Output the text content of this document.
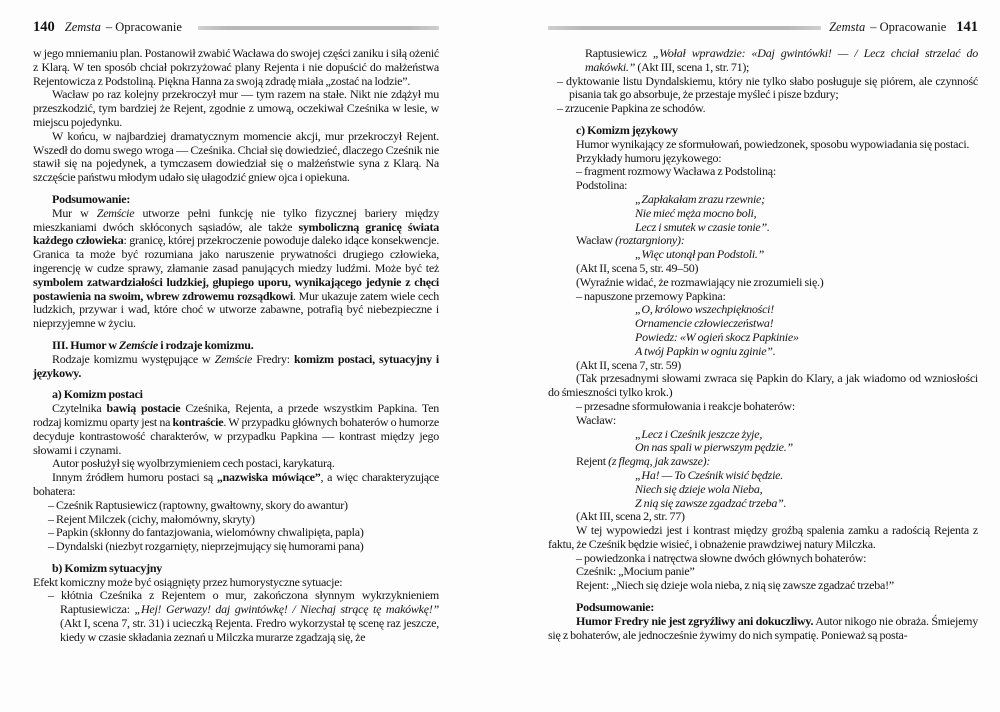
140 Zemsta – Opracowanie
w jego mniemaniu plan. Postanowił zwabić Wacława do swojej części zaniku i siłą ożenić z Klarą. W ten sposób chciał pokrzyżować plany Rejenta i nie dopuścić do małżeństwa Rejentowicza z Podstoliną. Piękna Hanna za swoją zdradę miała „zostać na lodzie”.
Wacław po raz kolejny przekroczył mur — tym razem na stałe. Nikt nie zdążył mu przeszkodzić, tym bardziej że Rejent, zgodnie z umową, oczekiwał Cześnika w lesie, w miejscu pojedynku.
W końcu, w najbardziej dramatycznym momencie akcji, mur przekroczył Rejent. Wszedł do domu swego wroga — Cześnika. Chciał się dowiedzieć, dlaczego Cześnik nie stawił się na pojedynek, a tymczasem dowiedział się o małżeństwie syna z Klarą. Na szczęście państwu młodym udało się ułagodzić gniew ojca i opiekuna.
Podsumowanie:
Mur w Zemście utworze pełni funkcję nie tylko fizycznej bariery między mieszkaniami dwóch skłóconych sąsiadów, ale także symboliczną granicę świata każdego człowieka: granicę, której przekroczenie powoduje daleko idące konsekwencje. Granica ta może być rozumiana jako naruszenie prywatności drugiego człowieka, ingerencję w cudze sprawy, złamanie zasad panujących miedzy ludźmi. Może być też symbolem zatwardziałości ludzkiej, głupiego uporu, wynikającego jedynie z chęci postawienia na swoim, wbrew zdrowemu rozsądkowi. Mur ukazuje zatem wiele cech ludzkich, przywar i wad, które choć w utworze zabawne, potrafią być niebezpieczne i nieprzyjemne w życiu.
III. Humor w Zemście i rodzaje komizmu.
Rodzaje komizmu występujące w Zemście Fredry: komizm postaci, sytuacyjny i językowy.
a) Komizm postaci
Czytelnika bawią postacie Cześnika, Rejenta, a przede wszystkim Papkina. Ten rodzaj komizmu oparty jest na kontraście. W przypadku głównych bohaterów o humorze decyduje kontrastowość charakterów, w przypadku Papkina — kontrast między jego słowami i czynami.
Autor posłużył się wyolbrzymieniem cech postaci, karykaturą.
Innym źródłem humoru postaci są „nazwiska mówiące”, a więc charakteryzujące bohatera:
– Cześnik Raptusiewicz (raptowny, gwałtowny, skory do awantur)
– Rejent Milczek (cichy, małomówny, skryty)
– Papkin (skłonny do fantazjowania, wielomówny chwalipięta, papla)
– Dyndalski (niezbyt rozgarnięty, nieprzejmujący się humorami pana)
b) Komizm sytuacyjny
Efekt komiczny może być osiągnięty przez humorystyczne sytuacje:
– kłótnia Cześnika z Rejentem o mur, zakończona słynnym wykrzyknieniem Raptusiewicza: „Hej! Gerwazy! daj gwintówkę! / Niechaj strącę tę makówkę!” (Akt I, scena 7, str. 31) i ucieczką Rejenta. Fredro wykorzystał tę scenę raz jeszcze, kiedy w czasie składania zeznań u Milczka murarze zgadzają się, że
Zemsta – Opracowanie 141
Raptusiewicz „Wołał wprawdzie: «Daj gwintówki! — / Lecz chciał strzelać do makówki.” (Akt III, scena 1, str. 71);
– dyktowanie listu Dyndalskiemu, który nie tylko słabo posługuje się piórem, ale czynność pisania tak go absorbuje, że przestaje myśleć i pisze bzdury;
– zrzucenie Papkina ze schodów.
c) Komizm językowy
Humor wynikający ze sformułowań, powiedzonek, sposobu wypowiadania się postaci.
Przykłady humoru językowego:
– fragment rozmowy Wacława z Podstoliną:
Podstolina:
„Zapłakałam zrazu rzewnie;
Nie mieć męża mocno boli,
Lecz i smutek w czasie tonie”.
Wacław (roztargniony):
„Więc utonął pan Podstoli.”
(Akt II, scena 5, str. 49–50)
(Wyraźnie widać, że rozmawiający nie zrozumieli się.)
– napuszone przemowy Papkina:
„O, królowo wszechpiękności!
Ornamencie człowieczeństwa!
Powiedz: «W ogień skocz Papkinie»
A twój Papkin w ogniu zginie”.
(Akt II, scena 7, str. 59)
(Tak przesadnymi słowami zwraca się Papkin do Klary, a jak wiadomo od wzniosłości do śmieszności tylko krok.)
– przesadne sformułowania i reakcje bohaterów:
Wacław:
„Lecz i Cześnik jeszcze żyje,
On nas spali w pierwszym pędzie.”
Rejent (z flegmą, jak zawsze):
„Ha! — To Cześnik wisić będzie.
Niech się dzieje wola Nieba,
Z nią się zawsze zgadzać trzeba”.
(Akt III, scena 2, str. 77)
W tej wypowiedzi jest i kontrast między groźbą spalenia zamku a radością Rejenta z faktu, że Cześnik będzie wisieć, i obnażenie prawdziwej natury Milczka.
– powiedzonka i natręctwa słowne dwóch głównych bohaterów:
Cześnik: „Mocium panie”
Rejent: „Niech się dzieje wola nieba, z nią się zawsze zgadzać trzeba!”
Podsumowanie:
Humor Fredry nie jest zgryźliwy ani dokuczliwy. Autor nikogo nie obraża. Śmiejemy się z bohaterów, ale jednocześnie żywimy do nich sympatię. Ponieważ są posta-
